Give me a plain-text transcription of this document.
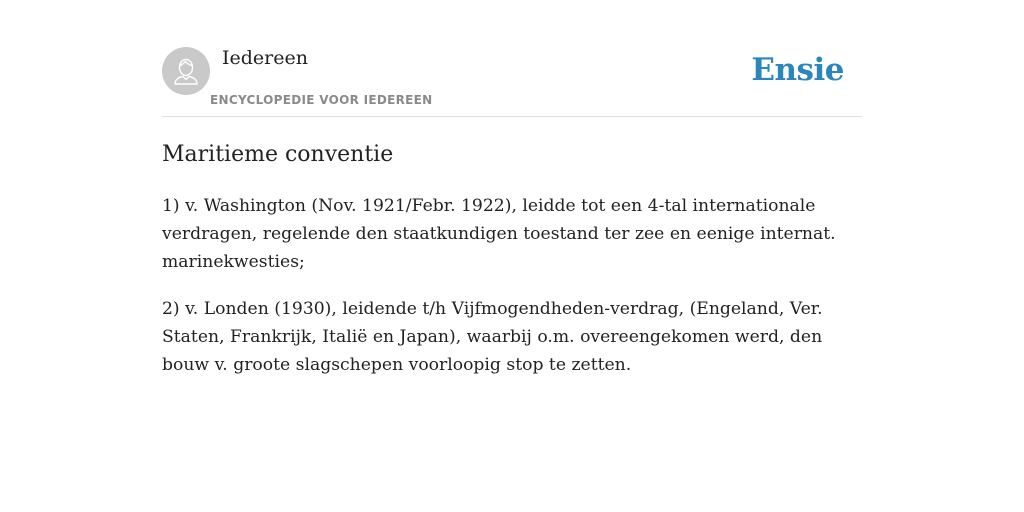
Iedereen
ENCYCLOPEDIE VOOR IEDEREEN
Ensie
Maritieme conventie

1) v. Washington (Nov. 1921/Febr. 1922), leidde tot een 4-tal internationale verdragen, regelende den staatkundigen toestand ter zee en eenige internat. marinekwesties;

2) v. Londen (1930), leidende t/h Vijfmogendheden-verdrag, (Engeland, Ver. Staten, Frankrijk, Italië en Japan), waarbij o.m. overeengekomen werd, den bouw v. groote slagschepen voorloopig stop te zetten.
